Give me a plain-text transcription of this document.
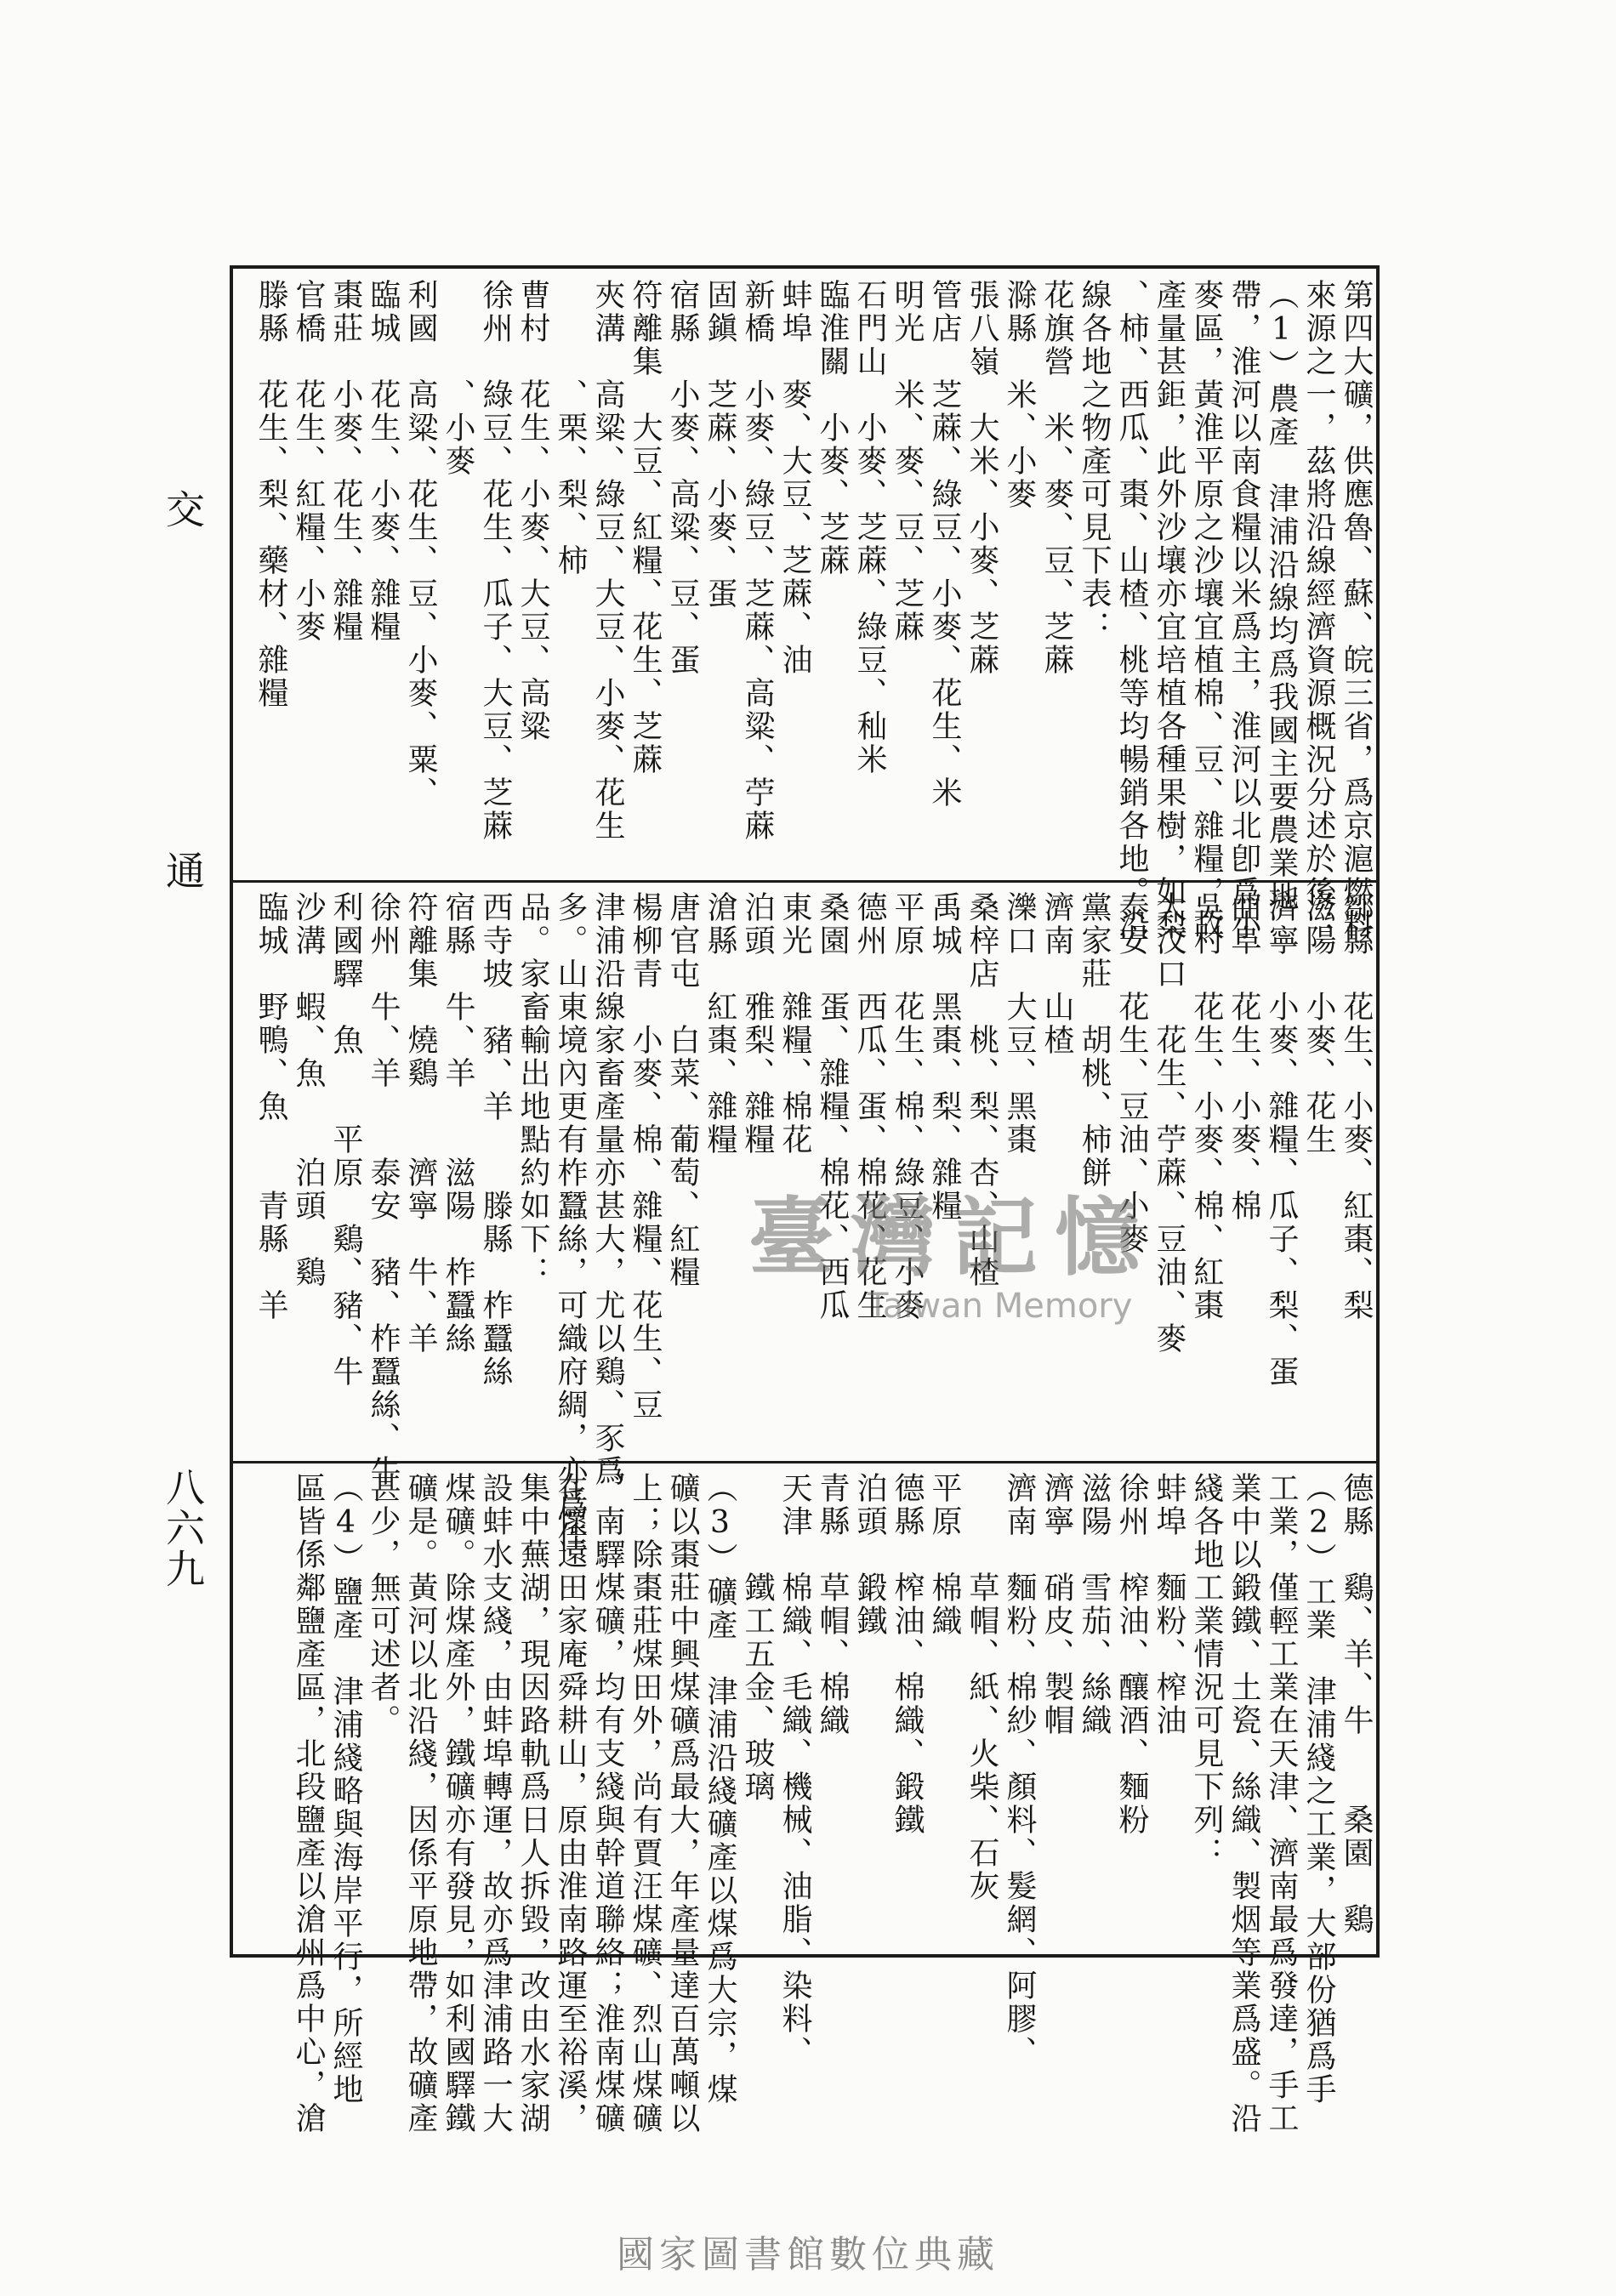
交
通
八六九
第四大礦，供應魯、蘇、皖三省，爲京滬燃料
來源之一，茲將沿線經濟資源概況分述於後：
（1）農產　津浦沿線均爲我國主要農業地
帶，淮河以南食糧以米爲主，淮河以北卽爲小
麥區，黃淮平原之沙壤宜植棉、豆、雜糧，故
產量甚鉅，此外沙壤亦宜培植各種果樹，如梨
、柿、西瓜、棗、山楂、桃等均暢銷各地。沿
線各地之物產可見下表：
花旗營　米、麥、豆、芝蔴
滁縣　米、小麥
張八嶺　大米、小麥、芝蔴
管店　芝蔴、綠豆、小麥、花生、米
明光　米、麥、豆、芝蔴
石門山　小麥、芝蔴、綠豆、秈米
臨淮關　小麥、芝蔴
蚌埠　麥、大豆、芝蔴、油
新橋　小麥、綠豆、芝蔴、高粱、苧蔴
固鎭　芝蔴、小麥、蛋
宿縣　小麥、高粱、豆、蛋
符離集　大豆、紅糧、花生、芝蔴
夾溝　高粱、綠豆、大豆、小麥、花生
　　　、栗、梨、柿
曹村　花生、小麥、大豆、高粱
徐州　綠豆、花生、瓜子、大豆、芝蔴
　　　、小麥
利國　高粱、花生、豆、小麥、粟、
臨城　花生、小麥、雜糧
棗莊　小麥、花生、雜糧
官橋　花生、紅糧、小麥
滕縣　花生、梨、藥材、雜糧
鄒縣　花生、小麥、紅棗、梨
滋陽　小麥、花生
濟寧　小麥、雜糧、瓜子、梨、蛋
曲阜　花生、小麥、棉
吳村　花生、小麥、棉、紅棗
大汶口　花生、苧蔴、豆油、麥
泰安　花生、豆油、小麥
黨家莊　胡桃、柿餅
濟南　山楂
濼口　大豆、黑棗
桑梓店　桃、梨、杏、山楂
禹城　黑棗、梨、雜糧
平原　花生、棉、綠豆、小麥
德州　西瓜、蛋、棉花、花生
桑園　蛋、雜糧、棉花、西瓜
東光　雜糧、棉花
泊頭　雅梨、雜糧
滄縣　紅棗、雜糧
唐官屯　白菜、葡萄、紅糧
楊柳青　小麥、棉、雜糧、花生、豆
津浦沿線家畜產量亦甚大，尤以鷄、豕爲
多。山東境內更有柞蠶絲，可織府綢，亦爲佳
品。家畜輸出地點約如下：
西寺坡　豬、羊　　滕縣　柞蠶絲
宿縣　牛、羊　　滋陽　柞蠶絲
符離集　燒鷄　　濟寧　牛、羊
徐州　牛、羊　　泰安　豬、柞蠶絲、牛
利國驛　魚　　平原　鷄、豬、牛
沙溝　蝦、魚　　泊頭　鷄
臨城　野鴨、魚　　青縣　羊
德縣　鷄、羊、牛　　桑園　鷄
（2）工業　津浦綫之工業，大部份猶爲手
工業，僅輕工業在天津、濟南最爲發達，手工
業中以鍛鐵、土瓷、絲織、製烟等業爲盛。沿
綫各地工業情況可見下列：
蚌埠　麵粉、榨油
徐州　榨油、釀酒、麵粉
滋陽　雪茄、絲織
濟寧　硝皮、製帽
濟南　麵粉、棉紗、顏料、髮網、阿膠、
　　　草帽、紙、火柴、石灰
平原　棉織
德縣　榨油、棉織、鍛鐵
泊頭　鍛鐵
青縣　草帽、棉織
天津　棉織、毛織、機械、油脂、染料、
　　　鐵工五金、玻璃
（3）礦產　津浦沿綫礦產以煤爲大宗，煤
礦以棗莊中興煤礦爲最大，年產量達百萬噸以
上；除棗莊煤田外，尚有賈汪煤礦、烈山煤礦
、南驛煤礦，均有支綫與幹道聯絡；淮南煤礦
在懷遠田家庵舜耕山，原由淮南路運至裕溪，
集中蕪湖，現因路軌爲日人拆毀，改由水家湖
設蚌水支綫，由蚌埠轉運，故亦爲津浦路一大
煤礦。除煤產外，鐵礦亦有發見，如利國驛鐵
礦是。黃河以北沿綫，因係平原地帶，故礦產
甚少，無可述者。
（4）鹽產　津浦綫略與海岸平行，所經地
區皆係鄰鹽產區，北段鹽產以滄州爲中心，滄
臺灣記憶
Taiwan Memory
國家圖書館數位典藏
